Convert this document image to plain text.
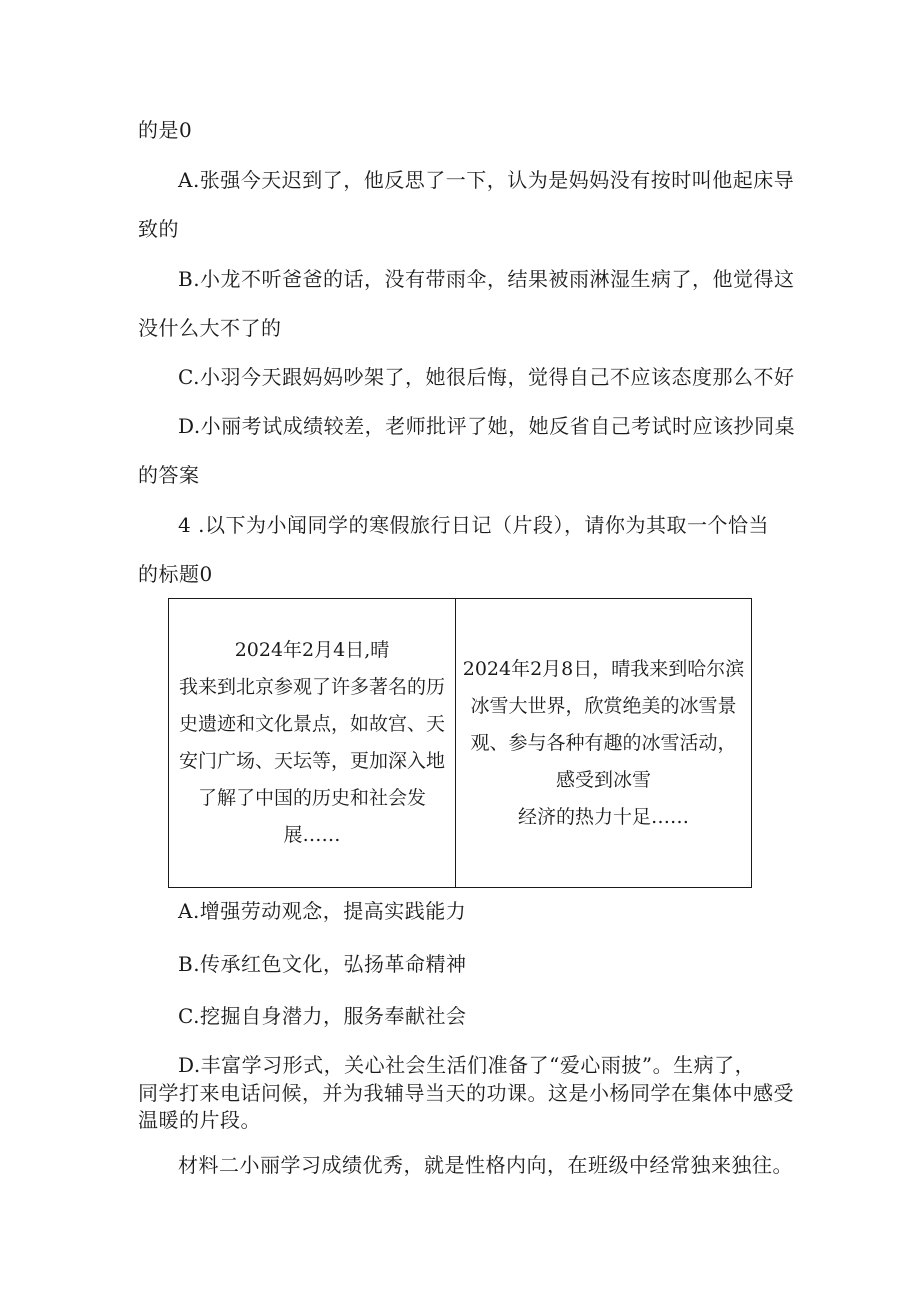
的是0
A.张强今天迟到了，他反思了一下，认为是妈妈没有按时叫他起床导
致的
B.小龙不听爸爸的话，没有带雨伞，结果被雨淋湿生病了，他觉得这
没什么大不了的
C.小羽今天跟妈妈吵架了，她很后悔，觉得自己不应该态度那么不好
D.小丽考试成绩较差，老师批评了她，她反省自己考试时应该抄同桌
的答案
4 .以下为小闻同学的寒假旅行日记（片段），请你为其取一个恰当
的标题0
2024年2月4日,晴
我来到北京参观了许多著名的历
史遗迹和文化景点，如故宫、天
安门广场、天坛等，更加深入地
了解了中国的历史和社会发
展……

2024年2月8日，晴我来到哈尔滨
冰雪大世界，欣赏绝美的冰雪景
观、参与各种有趣的冰雪活动，
感受到冰雪
经济的热力十足……
A.增强劳动观念，提高实践能力
B.传承红色文化，弘扬革命精神
C.挖掘自身潜力，服务奉献社会
D.丰富学习形式，关心社会生活们准备了“爱心雨披”。生病了，
同学打来电话问候，并为我辅导当天的功课。这是小杨同学在集体中感受
温暖的片段。
材料二小丽学习成绩优秀，就是性格内向，在班级中经常独来独往。
